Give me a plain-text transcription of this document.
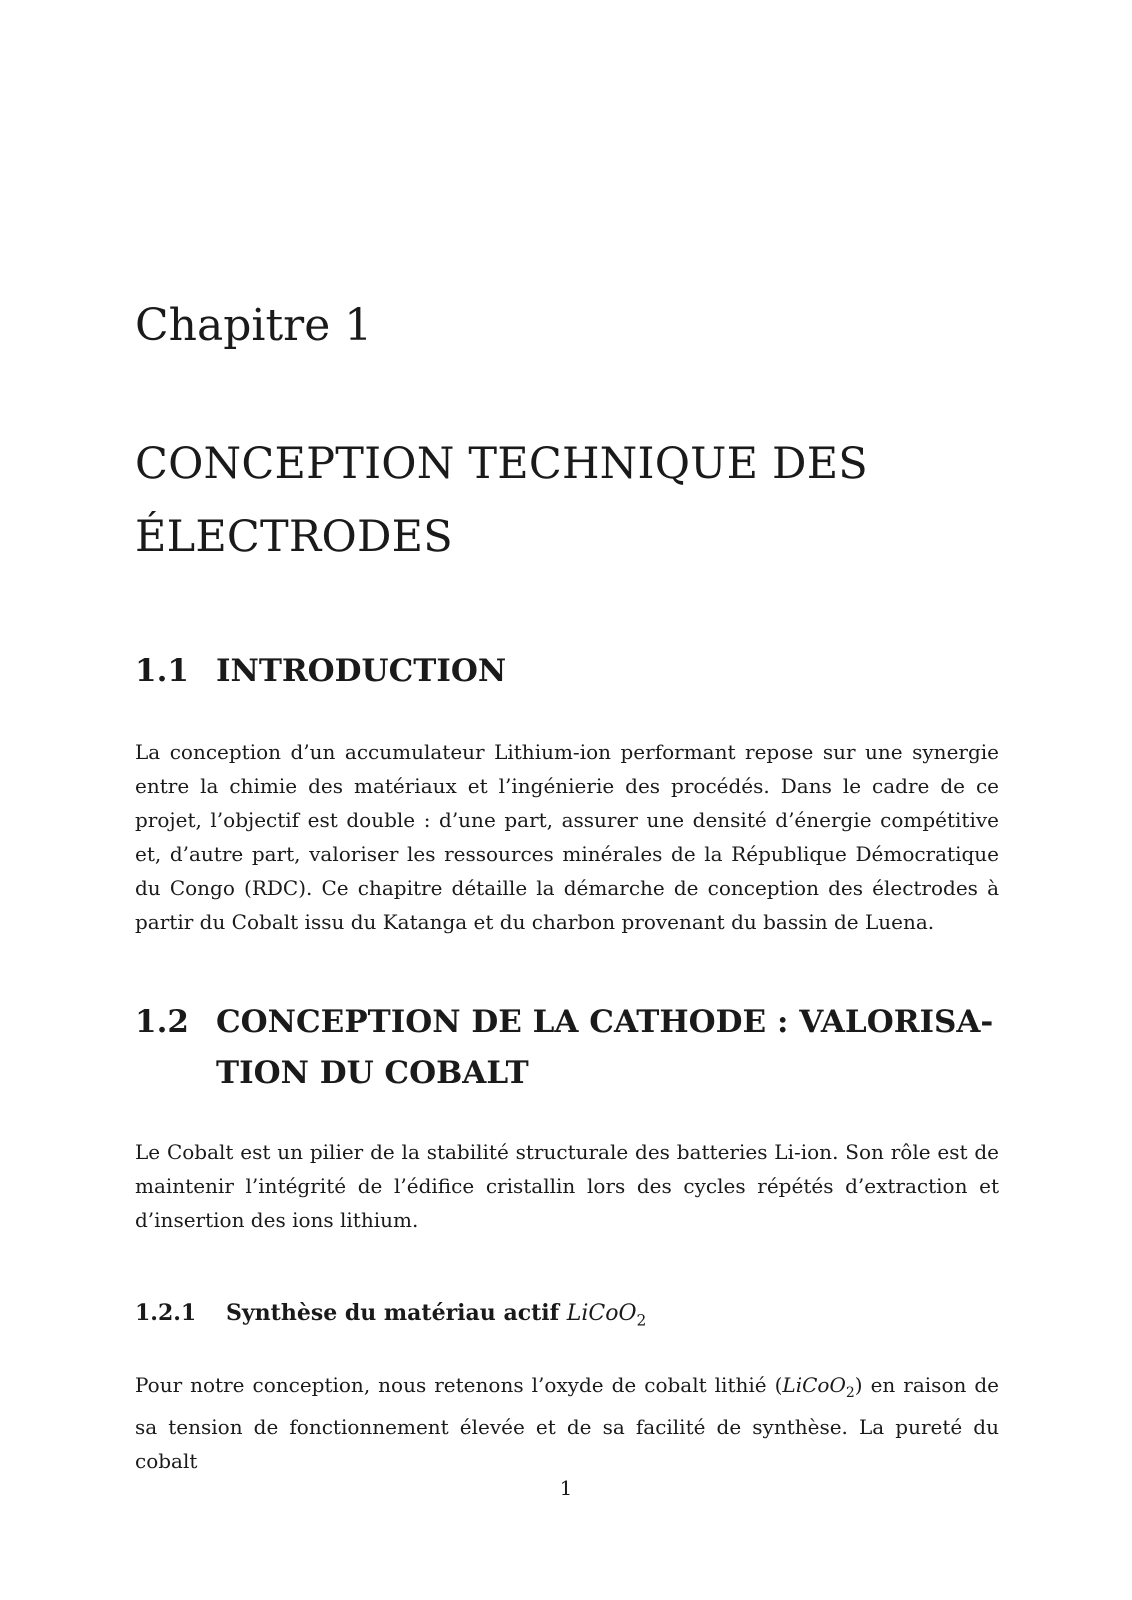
Chapitre 1
CONCEPTION TECHNIQUE DES
ÉLECTRODES
1.1 INTRODUCTION

La conception d’un accumulateur Lithium-ion performant repose sur une synergie entre la chimie des matériaux et l’ingénierie des procédés. Dans le cadre de ce projet, l’objectif est double : d’une part, assurer une densité d’énergie compétitive et, d’autre part, valoriser les ressources minérales de la République Démocratique du Congo (RDC). Ce chapitre détaille la démarche de conception des électrodes à partir du Cobalt issu du Katanga et du charbon provenant du bassin de Luena.

1.2 CONCEPTION DE LA CATHODE : VALORISA-
TION DU COBALT

Le Cobalt est un pilier de la stabilité structurale des batteries Li-ion. Son rôle est de maintenir l’intégrité de l’édifice cristallin lors des cycles répétés d’extraction et d’insertion des ions lithium.

1.2.1	Synthèse du matériau actif LiCoO$_2$

Pour notre conception, nous retenons l’oxyde de cobalt lithié (LiCoO$_2$) en raison de sa tension de fonctionnement élevée et de sa facilité de synthèse. La pureté du cobalt

1
